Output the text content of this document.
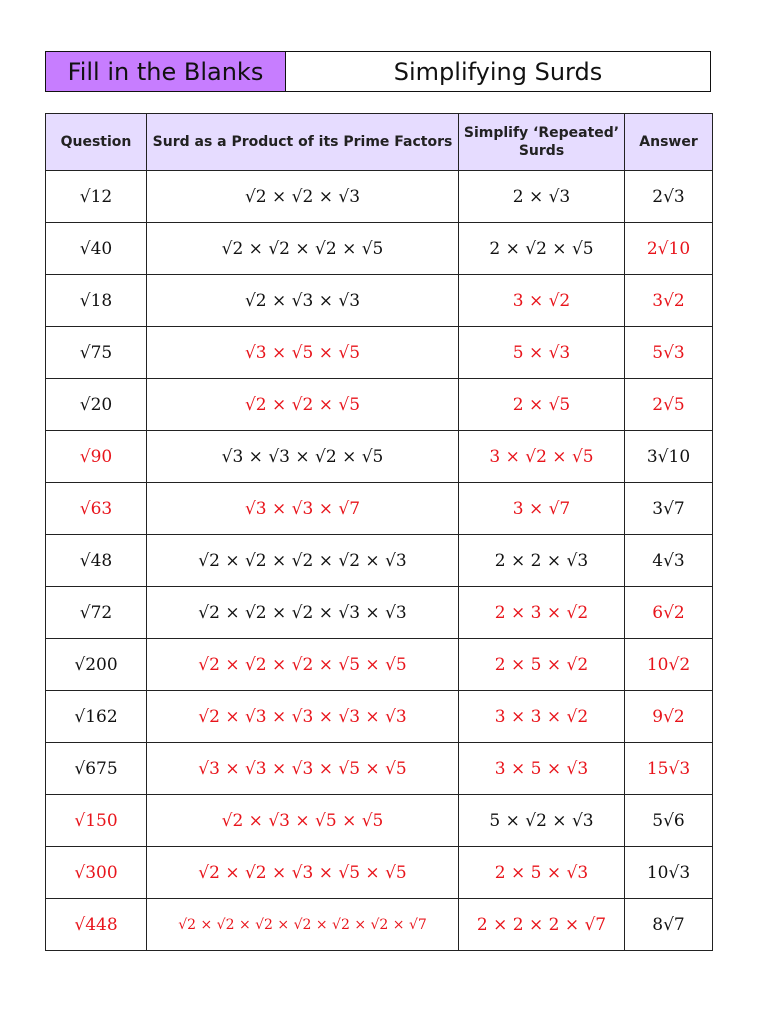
Fill in the Blanks	Simplifying Surds
Question	Surd as a Product of its Prime Factors	Simplify ‘Repeated’ Surds	Answer
√12	√2 × √2 × √3	2 × √3	2√3
√40	√2 × √2 × √2 × √5	2 × √2 × √5	2√10
√18	√2 × √3 × √3	3 × √2	3√2
√75	√3 × √5 × √5	5 × √3	5√3
√20	√2 × √2 × √5	2 × √5	2√5
√90	√3 × √3 × √2 × √5	3 × √2 × √5	3√10
√63	√3 × √3 × √7	3 × √7	3√7
√48	√2 × √2 × √2 × √2 × √3	2 × 2 × √3	4√3
√72	√2 × √2 × √2 × √3 × √3	2 × 3 × √2	6√2
√200	√2 × √2 × √2 × √5 × √5	2 × 5 × √2	10√2
√162	√2 × √3 × √3 × √3 × √3	3 × 3 × √2	9√2
√675	√3 × √3 × √3 × √5 × √5	3 × 5 × √3	15√3
√150	√2 × √3 × √5 × √5	5 × √2 × √3	5√6
√300	√2 × √2 × √3 × √5 × √5	2 × 5 × √3	10√3
√448	√2 × √2 × √2 × √2 × √2 × √2 × √7	2 × 2 × 2 × √7	8√7
